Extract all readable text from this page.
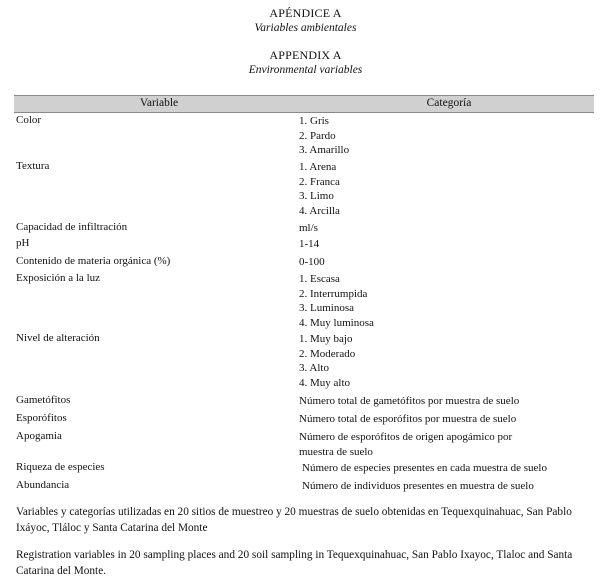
APÉNDICE A
Variables ambientales
APPENDIX A
Environmental variables
Variable	Categoría
Color	1. Gris
2. Pardo
3. Amarillo
Textura	1. Arena
2. Franca
3. Limo
4. Arcilla
Capacidad de infiltración	ml/s
pH	1-14
Contenido de materia orgánica (%)	0-100
Exposición a la luz	1. Escasa
2. Interrumpida
3. Luminosa
4. Muy luminosa
Nivel de alteración	1. Muy bajo
2. Moderado
3. Alto
4. Muy alto
Gametófitos	Número total de gametófitos por muestra de suelo
Esporófitos	Número total de esporófitos por muestra de suelo
Apogamia	Número de esporófitos de origen apogámico por
muestra de suelo
Riqueza de especies	Número de especies presentes en cada muestra de suelo
Abundancia	Número de individuos presentes en muestra de suelo
Variables y categorías utilizadas en 20 sitios de muestreo y 20 muestras de suelo obtenidas en Tequexquinahuac, San Pablo Ixáyoc, Tláloc y Santa Catarina del Monte
Registration variables in 20 sampling places and 20 soil sampling in Tequexquinahuac, San Pablo Ixayoc, Tlaloc and Santa Catarina del Monte.
